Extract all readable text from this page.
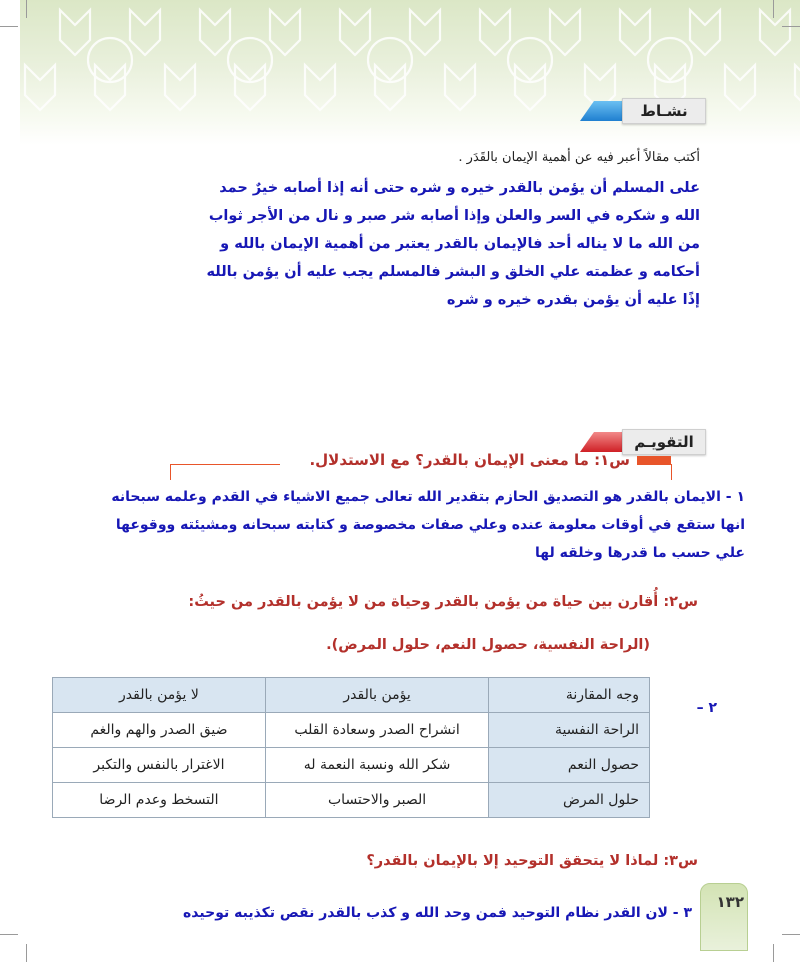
نشـاط
أكتب مقالاً أعبر فيه عن أهمية الإيمان بالقَدَر .
على المسلم أن يؤمن بالقدر خيره و شره حتى أنه إذا أصابه خيرٌ حمد
الله و شكره في السر والعلن وإذا أصابه شر صبر و نال من الأجر ثواب
من الله ما لا يناله أحد فالإيمان بالقدر يعتبر من أهمية الإيمان بالله و
أحكامه و عظمته علي الخلق و البشر فالمسلم يجب عليه أن يؤمن بالله
إذًا عليه أن يؤمن بقدره خيره و شره
التقويـم
س١: ما معنى الإيمان بالقدر؟ مع الاستدلال.
١ - الايمان بالقدر هو التصديق الحازم بتقدير الله تعالى جميع الاشياء في القدم وعلمه سبحانه
انها ستقع في أوقات معلومة عنده وعلي صفات مخصوصة و كتابته سبحانه ومشيئته ووقوعها
علي حسب ما قدرها وخلقه لها
س٢: أُقارن بين حياة من يؤمن بالقدر وحياة من لا يؤمن بالقدر من حيثُ:
(الراحة النفسية، حصول النعم، حلول المرض).
٢ –
وجه المقارنة	يؤمن بالقدر	لا يؤمن بالقدر
الراحة النفسية	انشراح الصدر وسعادة القلب	ضيق الصدر والهم والغم
حصول النعم	شكر الله ونسبة النعمة له	الاغترار بالنفس والتكبر
حلول المرض	الصبر والاحتساب	التسخط وعدم الرضا
س٣: لماذا لا يتحقق التوحيد إلا بالإيمان بالقدر؟
١٣٢
٣ - لان القدر نظام التوحيد فمن وحد الله و كذب بالقدر نقص تكذيبه توحيده
